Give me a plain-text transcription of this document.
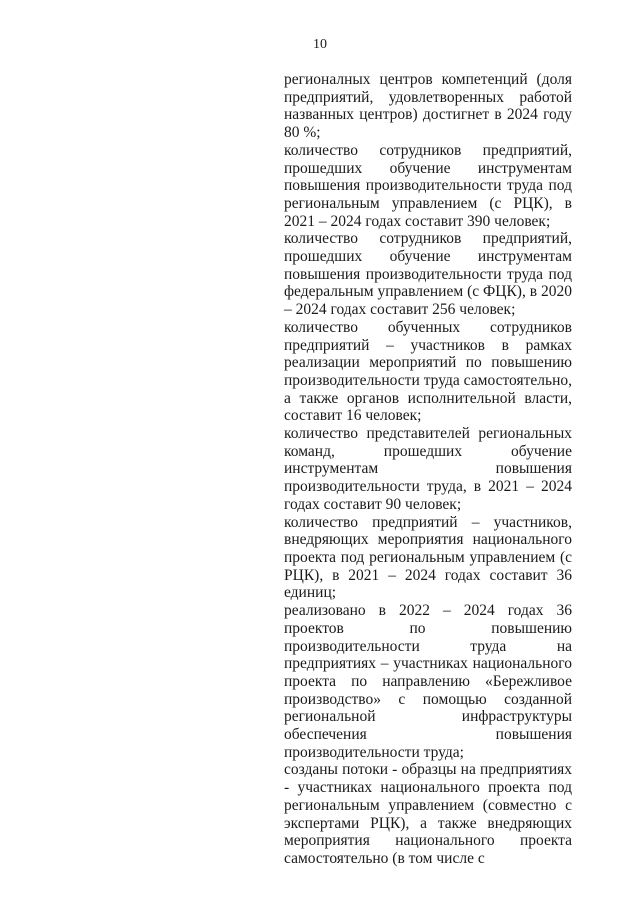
10

регионалных центров компетенций (доля предприятий, удовлетворенных работой названных центров) достигнет в 2024 году 80 %;

количество сотрудников предприятий, прошедших обучение инструментам повышения производительности труда под региональным управлением (с РЦК), в 2021 – 2024 годах составит 390 человек;

количество сотрудников предприятий, прошедших обучение инструментам повышения производительности труда под федеральным управлением (с ФЦК), в 2020 – 2024 годах составит 256 человек;

количество обученных сотрудников предприятий – участников в рамках реализации мероприятий по повышению производительности труда самостоятельно, а также органов исполнительной власти, составит 16 человек;

количество представителей региональных команд, прошедших обучение инструментам повышения производительности труда, в 2021 – 2024 годах составит 90 человек;

количество предприятий – участников, внедряющих мероприятия национального проекта под региональным управлением (с РЦК), в 2021 – 2024 годах составит 36 единиц;

реализовано в 2022 – 2024 годах 36 проектов по повышению производительности труда на предприятиях – участниках национального проекта по направлению «Бережливое производство» с помощью созданной региональной инфраструктуры обеспечения повышения производительности труда;

созданы потоки - образцы на предприятиях - участниках национального проекта под региональным управлением (совместно с экспертами РЦК), а также внедряющих мероприятия национального проекта самостоятельно (в том числе с
